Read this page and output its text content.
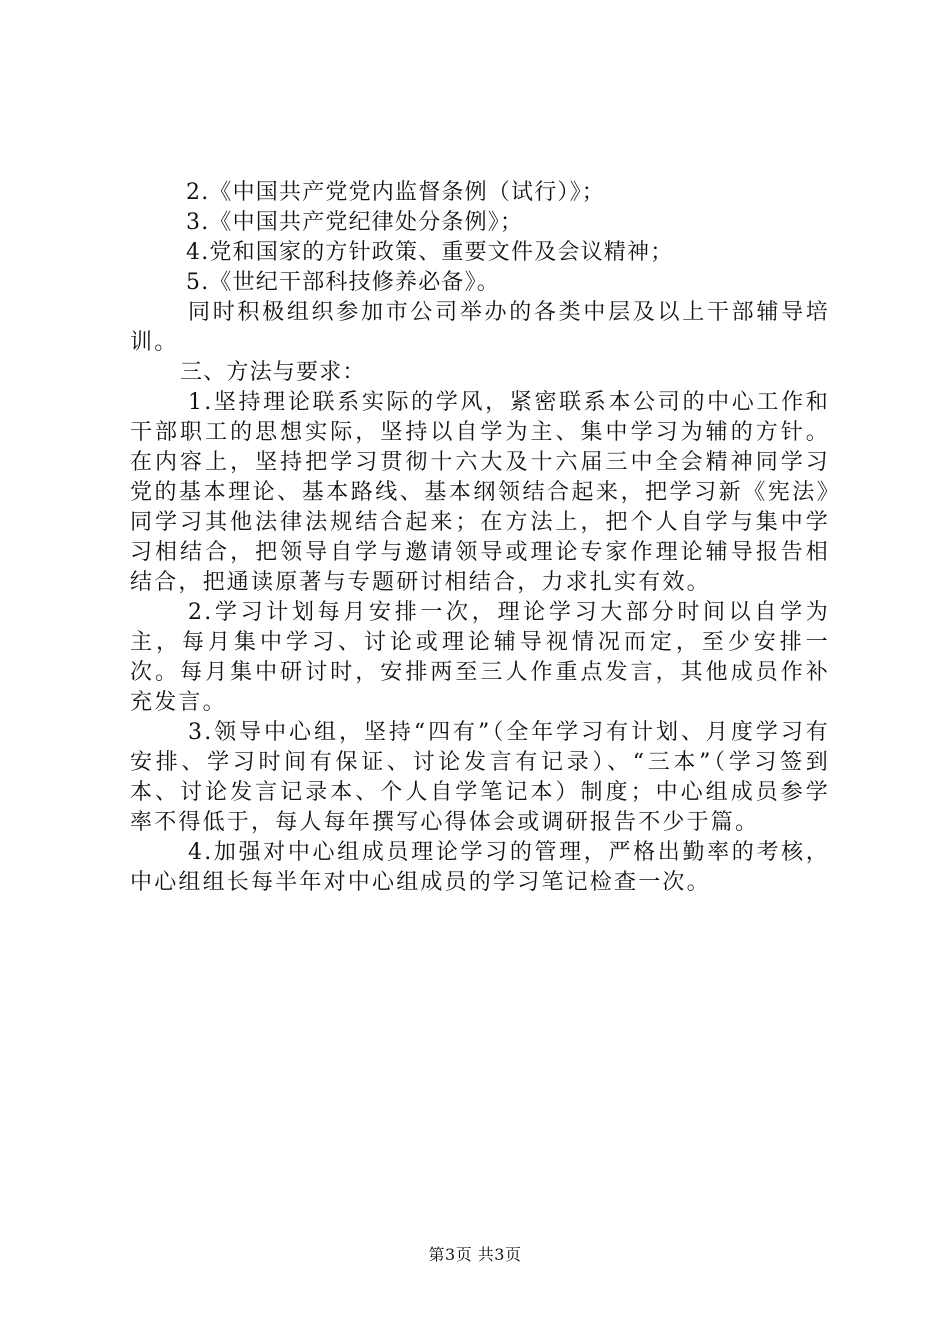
2.《中国共产党党内监督条例（试行）》；
3.《中国共产党纪律处分条例》；
4.党和国家的方针政策、重要文件及会议精神；
5.《世纪干部科技修养必备》。

同时积极组织参加市公司举办的各类中层及以上干部辅导培训。

三、方法与要求：

1.坚持理论联系实际的学风，紧密联系本公司的中心工作和干部职工的思想实际，坚持以自学为主、集中学习为辅的方针。在内容上，坚持把学习贯彻十六大及十六届三中全会精神同学习党的基本理论、基本路线、基本纲领结合起来，把学习新《宪法》同学习其他法律法规结合起来；在方法上，把个人自学与集中学习相结合，把领导自学与邀请领导或理论专家作理论辅导报告相结合，把通读原著与专题研讨相结合，力求扎实有效。

2.学习计划每月安排一次，理论学习大部分时间以自学为主，每月集中学习、讨论或理论辅导视情况而定，至少安排一次。每月集中研讨时，安排两至三人作重点发言，其他成员作补充发言。

3.领导中心组，坚持“四有”（全年学习有计划、月度学习有安排、学习时间有保证、讨论发言有记录）、“三本”（学习签到本、讨论发言记录本、个人自学笔记本）制度；中心组成员参学率不得低于，每人每年撰写心得体会或调研报告不少于篇。

4.加强对中心组成员理论学习的管理，严格出勤率的考核，中心组组长每半年对中心组成员的学习笔记检查一次。

第3页 共3页
